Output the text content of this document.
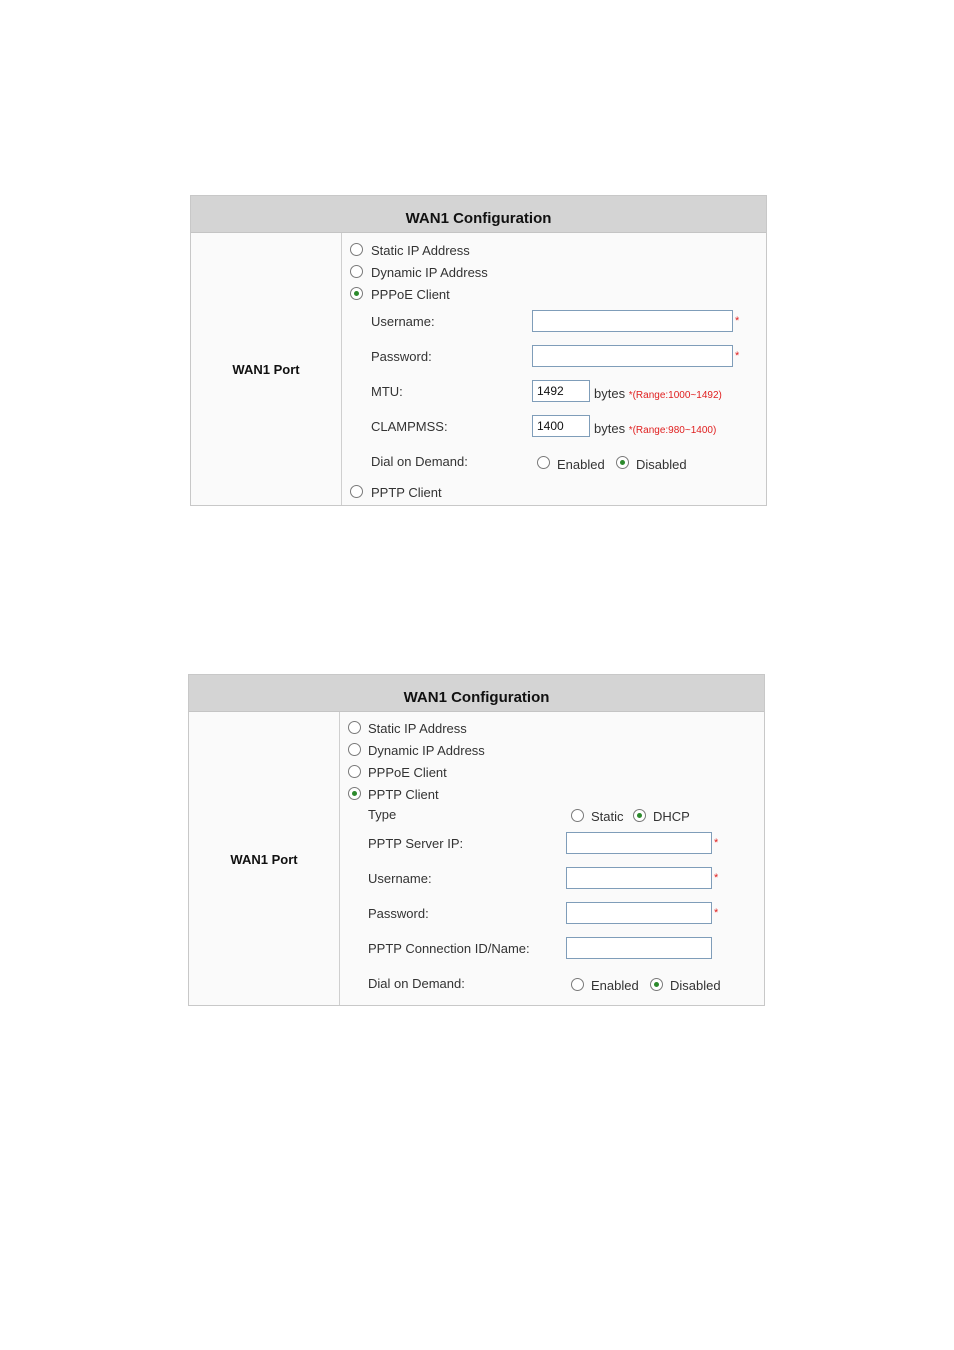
WAN1 Configuration
WAN1 Port
Static IP Address
Dynamic IP Address
PPPoE Client
Username:	*
Password:	*
MTU:
1492	bytes *(Range:1000~1492)
CLAMPMSS:
1400	bytes *(Range:980~1400)
Dial on Demand:	Enabled Disabled
PPTP Client
WAN1 Configuration
WAN1 Port
Static IP Address
Dynamic IP Address
PPPoE Client
PPTP Client
Type	Static DHCP
PPTP Server IP:	*
Username:	*
Password:	*
PPTP Connection ID/Name:
Dial on Demand:	Enabled Disabled
